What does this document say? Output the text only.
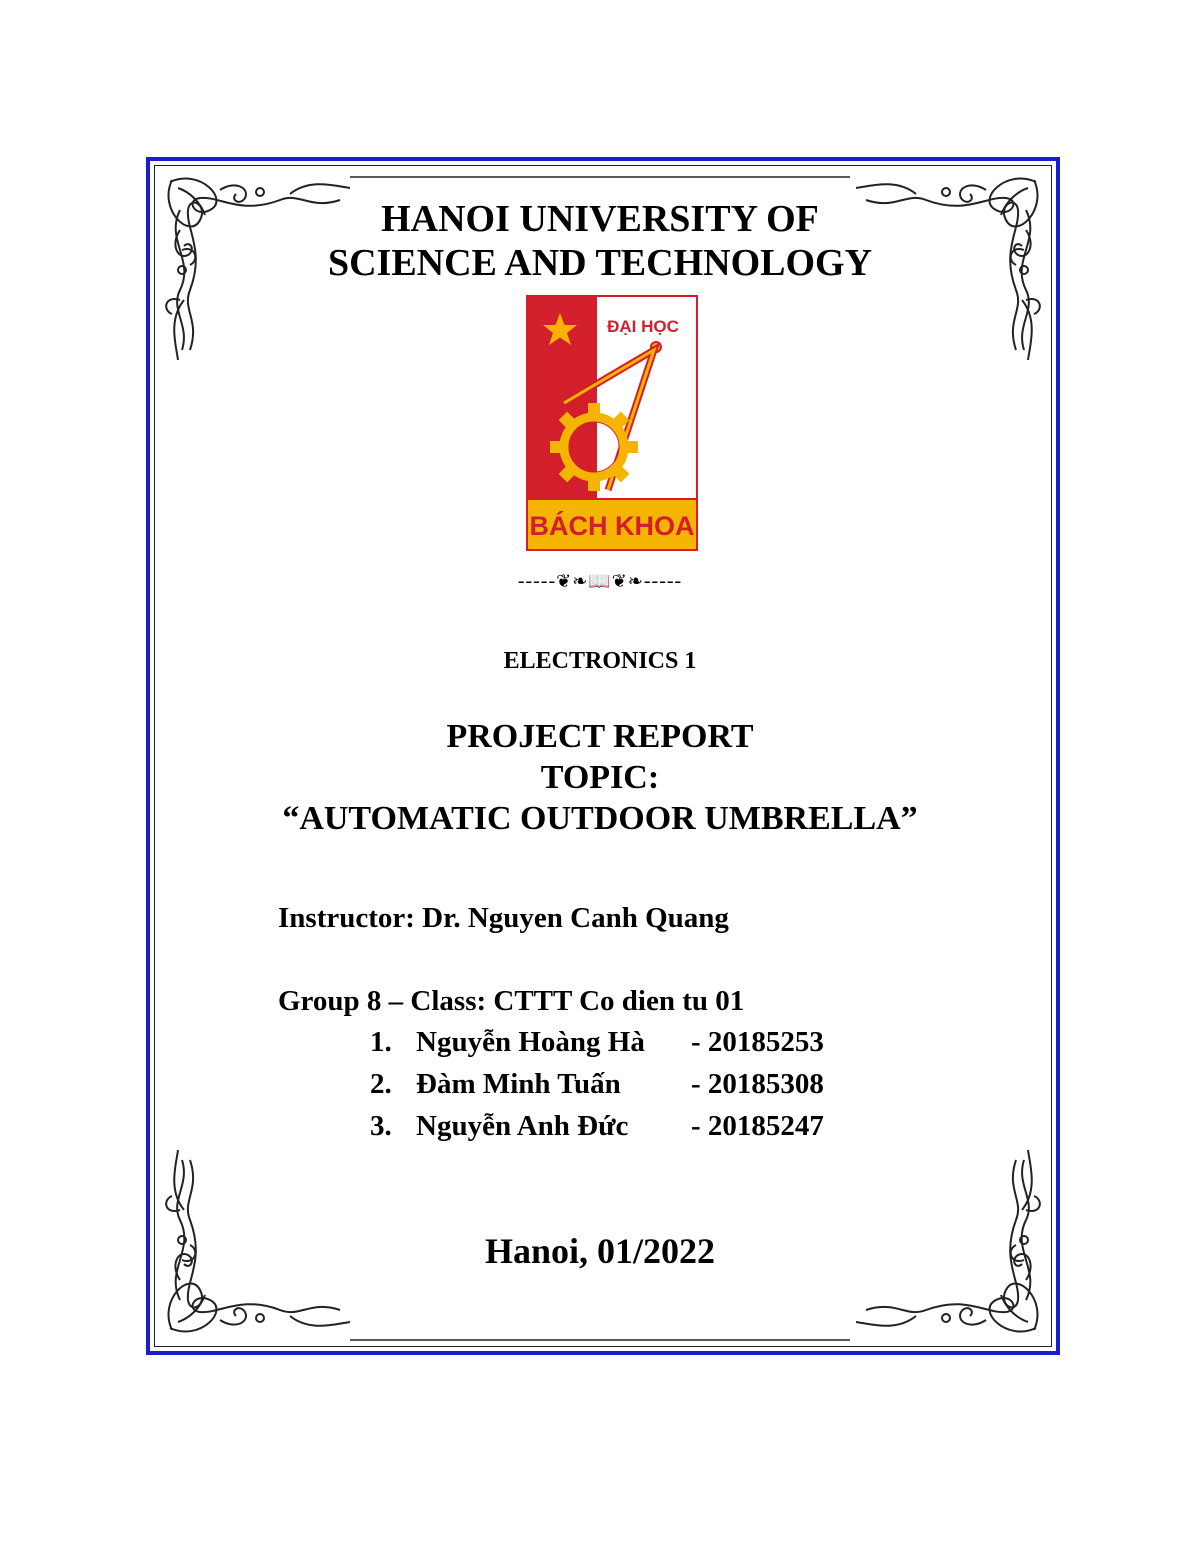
HANOI UNIVERSITY OF
SCIENCE AND TECHNOLOGY
ĐẠI HỌC
BÁCH KHOA
-----❦❧📖❦❧-----
ELECTRONICS 1
PROJECT REPORT
TOPIC:
“AUTOMATIC OUTDOOR UMBRELLA”
Instructor: Dr. Nguyen Canh Quang
Group 8 – Class: CTTT Co dien tu 01
1. Nguyễn Hoàng Hà - 20185253
2. Đàm Minh Tuấn - 20185308
3. Nguyễn Anh Đức - 20185247
Hanoi, 01/2022
